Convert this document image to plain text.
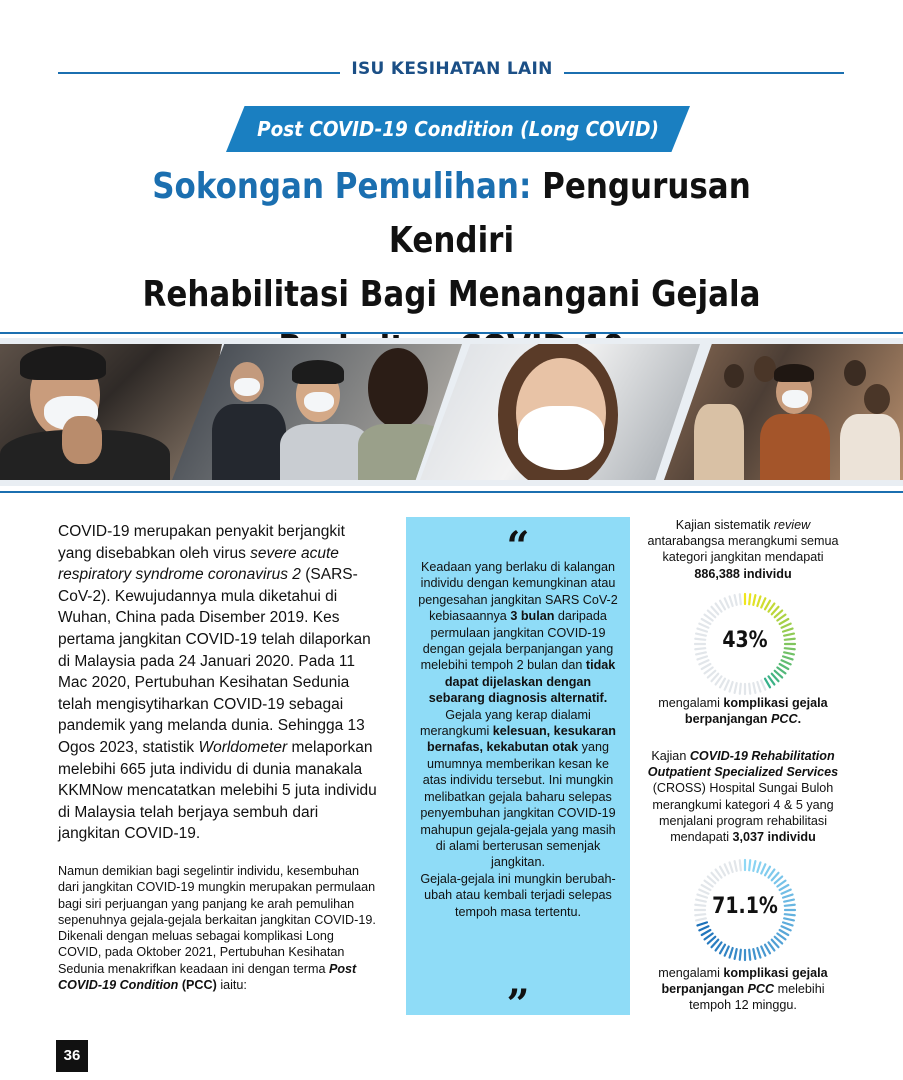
ISU KESIHATAN LAIN
Post COVID-19 Condition (Long COVID)
Sokongan Pemulihan: Pengurusan Kendiri
Rehabilitasi Bagi Menangani Gejala

COVID-19 merupakan penyakit berjangkit yang disebabkan oleh virus severe acute respiratory syndrome coronavirus 2 (SARS-CoV-2). Kewujudannya mula diketahui di Wuhan, China pada Disember 2019. Kes pertama jangkitan COVID-19 telah dilaporkan di Malaysia pada 24 Januari 2020. Pada 11 Mac 2020, Pertubuhan Kesihatan Sedunia telah mengisytiharkan COVID-19 sebagai pandemik yang melanda dunia. Sehingga 13 Ogos 2023, statistik Worldometer melaporkan melebihi 665 juta individu di dunia manakala KKMNow mencatatkan melebihi 5 juta individu di Malaysia telah berjaya sembuh dari jangkitan COVID-19.

Namun demikian bagi segelintir individu, kesembuhan dari jangkitan COVID-19 mungkin merupakan permulaan bagi siri perjuangan yang panjang ke arah pemulihan sepenuhnya gejala-gejala berkaitan jangkitan COVID-19. Dikenali dengan meluas sebagai komplikasi Long COVID, pada Oktober 2021, Pertubuhan Kesihatan Sedunia menakrifkan keadaan ini dengan terma Post COVID-19 Condition (PCC) iaitu:

“

Keadaan yang berlaku di kalangan individu dengan kemungkinan atau pengesahan jangkitan SARS CoV-2 kebiasaannya 3 bulan daripada permulaan jangkitan COVID-19 dengan gejala berpanjangan yang melebihi tempoh 2 bulan dan tidak dapat dijelaskan dengan sebarang diagnosis alternatif. Gejala yang kerap dialami merangkumi kelesuan, kesukaran bernafas, kekabutan otak yang umumnya memberikan kesan ke atas individu tersebut. Ini mungkin melibatkan gejala baharu selepas penyembuhan jangkitan COVID-19 mahupun gejala-gejala yang masih di alami berterusan semenjak jangkitan.

Gejala-gejala ini mungkin berubah-ubah atau kembali terjadi selepas tempoh masa tertentu.

”
Kajian sistematik review antarabangsa merangkumi semua kategori jangkitan mendapati 886,388 individu
43%
mengalami komplikasi gejala berpanjangan PCC.
Kajian COVID-19 Rehabilitation Outpatient Specialized Services (CROSS) Hospital Sungai Buloh merangkumi kategori 4 & 5 yang menjalani program rehabilitasi mendapati 3,037 individu
71.1%
mengalami komplikasi gejala berpanjangan PCC melebihi tempoh 12 minggu.
36
